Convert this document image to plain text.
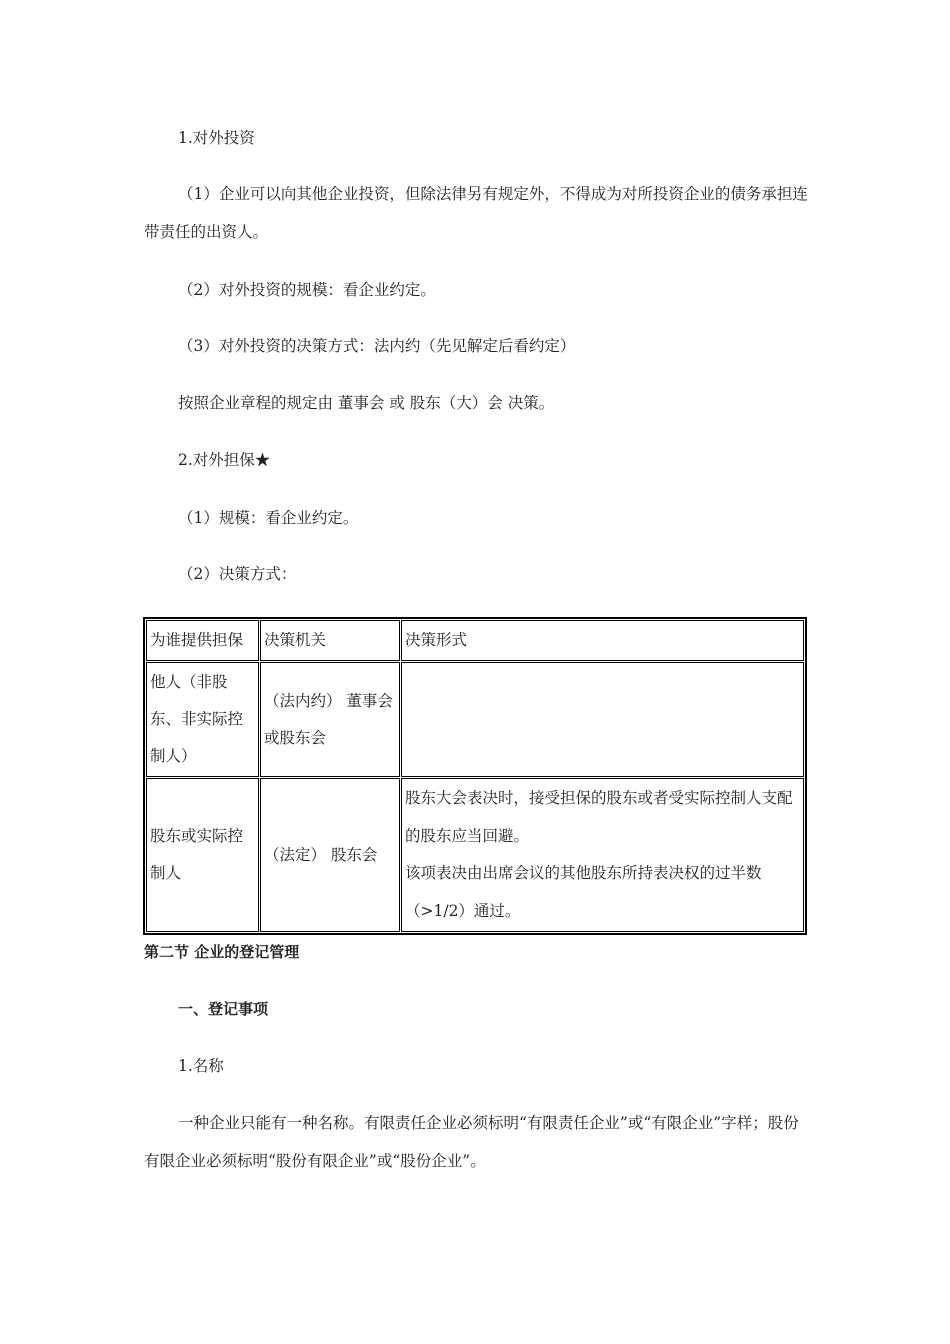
1.对外投资
（1）企业可以向其他企业投资，但除法律另有规定外，不得成为对所投资企业的债务承担连带责任的出资人。
（2）对外投资的规模：看企业约定。
（3）对外投资的决策方式：法内约（先见解定后看约定）
按照企业章程的规定由 董事会 或 股东（大）会 决策。
2.对外担保★
（1）规模：看企业约定。
（2）决策方式：
为谁提供担保	决策机关	决策形式
他人（非股东、非实际控制人）	（法内约） 董事会或股东会	

股东或实际控制人	（法定） 股东会	股东大会表决时，接受担保的股东或者受实际控制人支配的股东应当回避。
该项表决由出席会议的其他股东所持表决权的过半数（>1/2）通过。
第二节 企业的登记管理
一、登记事项
1.名称
一种企业只能有一种名称。有限责任企业必须标明“有限责任企业”或“有限企业”字样；股份有限企业必须标明“股份有限企业”或“股份企业”。
